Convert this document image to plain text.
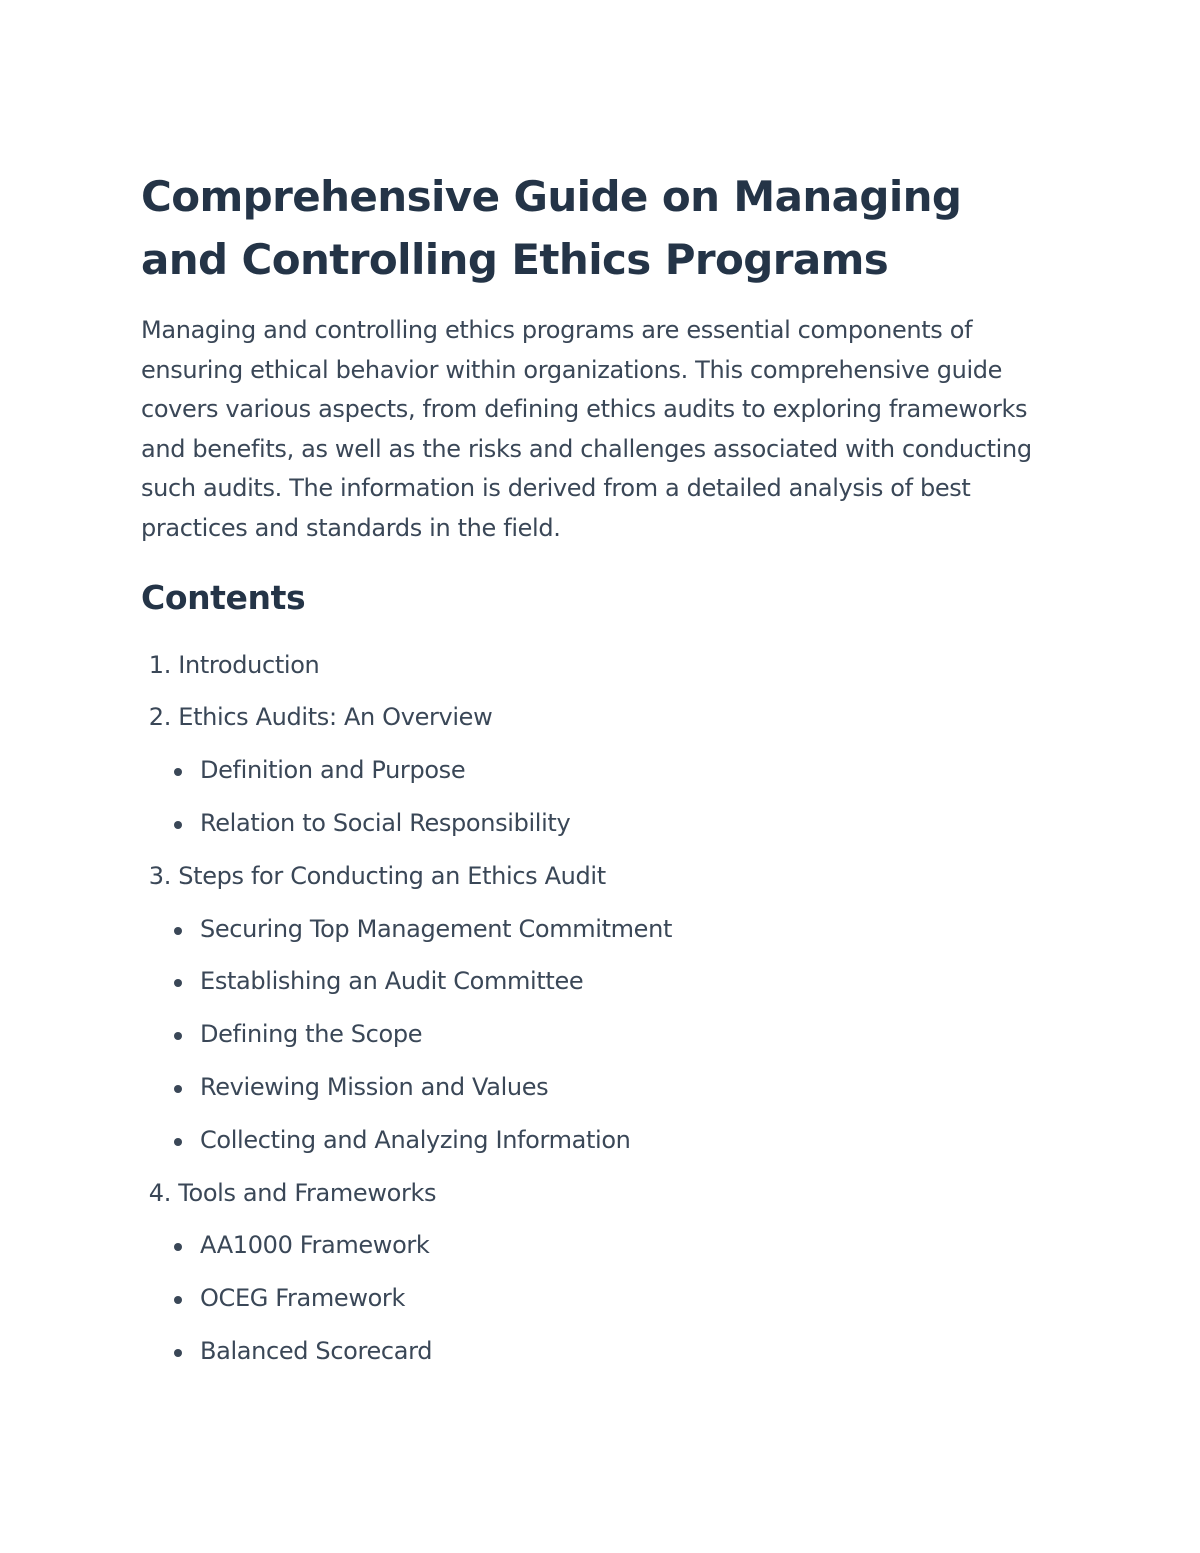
Comprehensive Guide on Managing and Controlling Ethics Programs

Managing and controlling ethics programs are essential components of ensuring ethical behavior within organizations. This comprehensive guide covers various aspects, from defining ethics audits to exploring frameworks and benefits, as well as the risks and challenges associated with conducting such audits. The information is derived from a detailed analysis of best practices and standards in the field.

Contents
1. Introduction
2. Ethics Audits: An Overview
Definition and Purpose
Relation to Social Responsibility
3. Steps for Conducting an Ethics Audit
Securing Top Management Commitment
Establishing an Audit Committee
Defining the Scope
Reviewing Mission and Values
Collecting and Analyzing Information
4. Tools and Frameworks
AA1000 Framework
OCEG Framework
Balanced Scorecard
